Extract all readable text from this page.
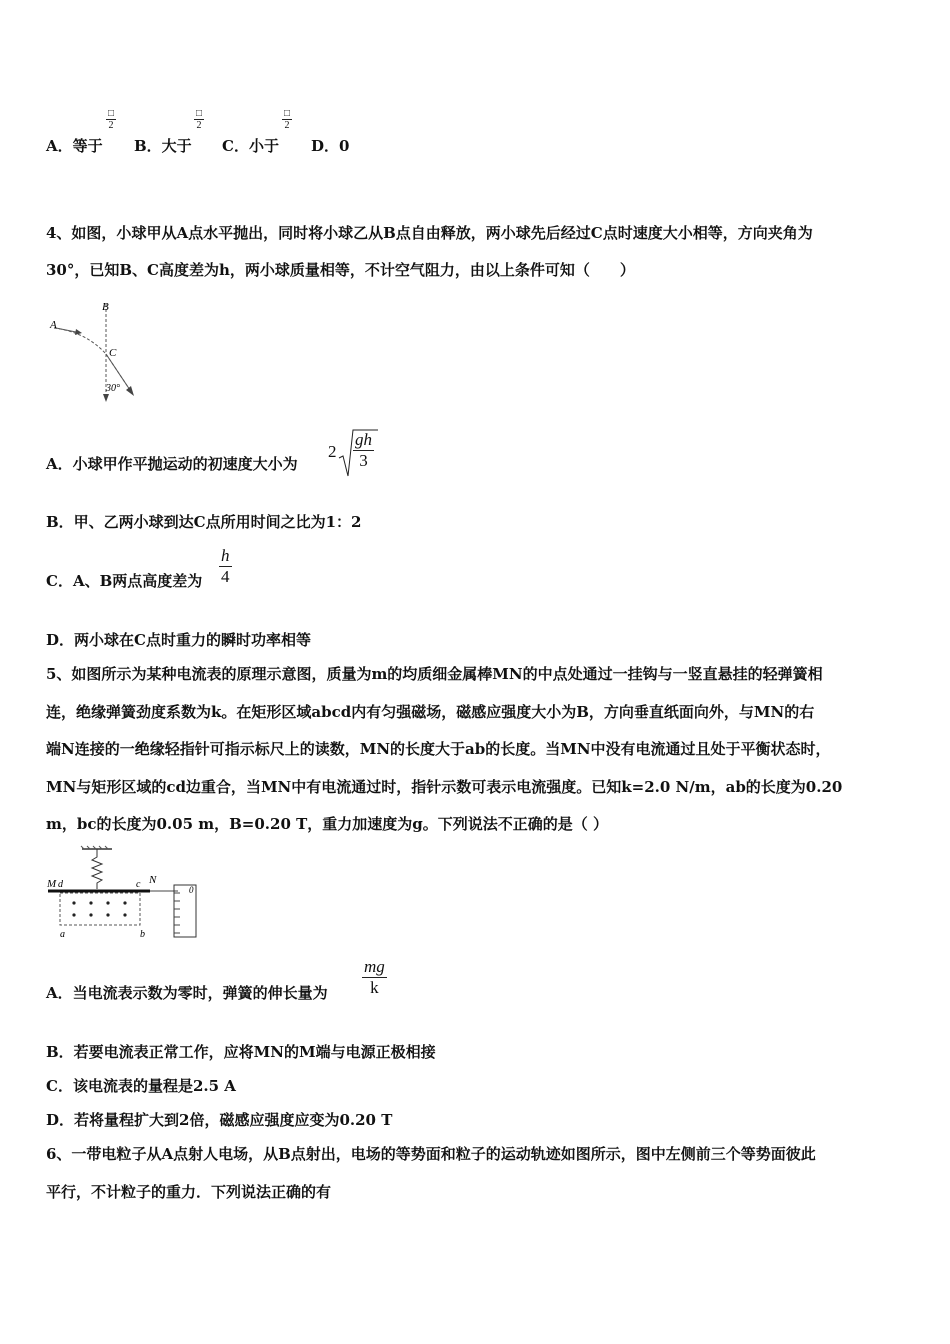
A．等于
□
2
B．大于
□
2
C．小于
□
2
D．0
4、如图，小球甲从A点水平抛出，同时将小球乙从B点自由释放，两小球先后经过C点时速度大小相等，方向夹角为
30°，已知B、C高度差为h，两小球质量相等，不计空气阻力，由以上条件可知（　　）
A
B
C
30°
A．小球甲作平抛运动的初速度大小为
$2 \frac{gh}{3}$
B．甲、乙两小球到达C点所用时间之比为1：2
C．A、B两点高度差为 $\frac{h}{4}$
D．两小球在C点时重力的瞬时功率相等
5、如图所示为某种电流表的原理示意图，质量为m的均质细金属棒MN的中点处通过一挂钩与一竖直悬挂的轻弹簧相
连，绝缘弹簧劲度系数为k。在矩形区域abcd内有匀强磁场，磁感应强度大小为B，方向垂直纸面向外，与MN的右
端N连接的一绝缘轻指针可指示标尺上的读数，MN的长度大于ab的长度。当MN中没有电流通过且处于平衡状态时，
MN与矩形区域的cd边重合，当MN中有电流通过时，指针示数可表示电流强度。已知k=2.0 N/m，ab的长度为0.20
m，bc的长度为0.05 m，B=0.20 T，重力加速度为g。下列说法不正确的是（ ）
M d	c N
a	b
0
A．当电流表示数为零时，弹簧的伸长量为 $\frac{mg}{k}$
B．若要电流表正常工作，应将MN的M端与电源正极相接
C．该电流表的量程是2.5 A
D．若将量程扩大到2倍，磁感应强度应变为0.20 T
6、一带电粒子从A点射人电场，从B点射出，电场的等势面和粒子的运动轨迹如图所示，图中左侧前三个等势面彼此
平行，不计粒子的重力．下列说法正确的有
